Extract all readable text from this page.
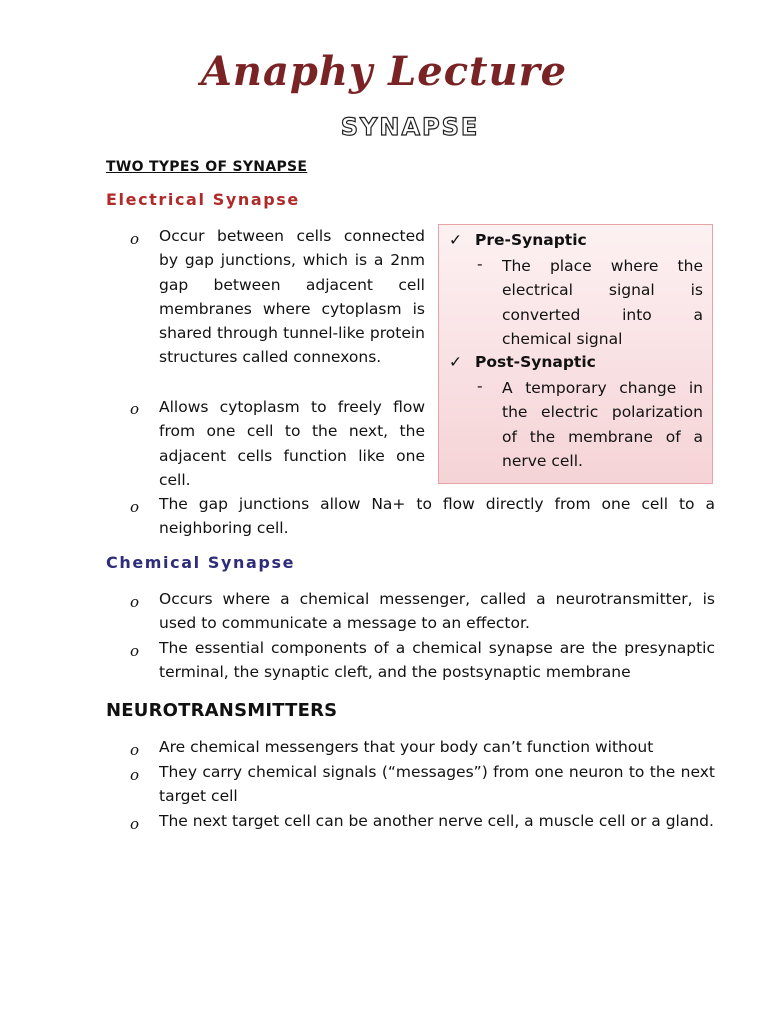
Anaphy Lecture
SYNAPSE
TWO TYPES OF SYNAPSE
Electrical Synapse
o Occur between cells connected by gap junctions, which is a 2nm gap between adjacent cell membranes where cytoplasm is shared through tunnel-like protein structures called connexons.
o Allows cytoplasm to freely flow from one cell to the next, the adjacent cells function like one cell.
o The gap junctions allow Na+ to flow directly from one cell to a neighboring cell.
✓ Pre-Synaptic
- The place where the electrical signal is converted into a chemical signal
✓ Post-Synaptic
- A temporary change in the electric polarization of the membrane of a nerve cell.
Chemical Synapse
o Occurs where a chemical messenger, called a neurotransmitter, is used to communicate a message to an effector.
o The essential components of a chemical synapse are the presynaptic terminal, the synaptic cleft, and the postsynaptic membrane
NEUROTRANSMITTERS
o Are chemical messengers that your body can’t function without
o They carry chemical signals (“messages”) from one neuron to the next target cell
o The next target cell can be another nerve cell, a muscle cell or a gland.
